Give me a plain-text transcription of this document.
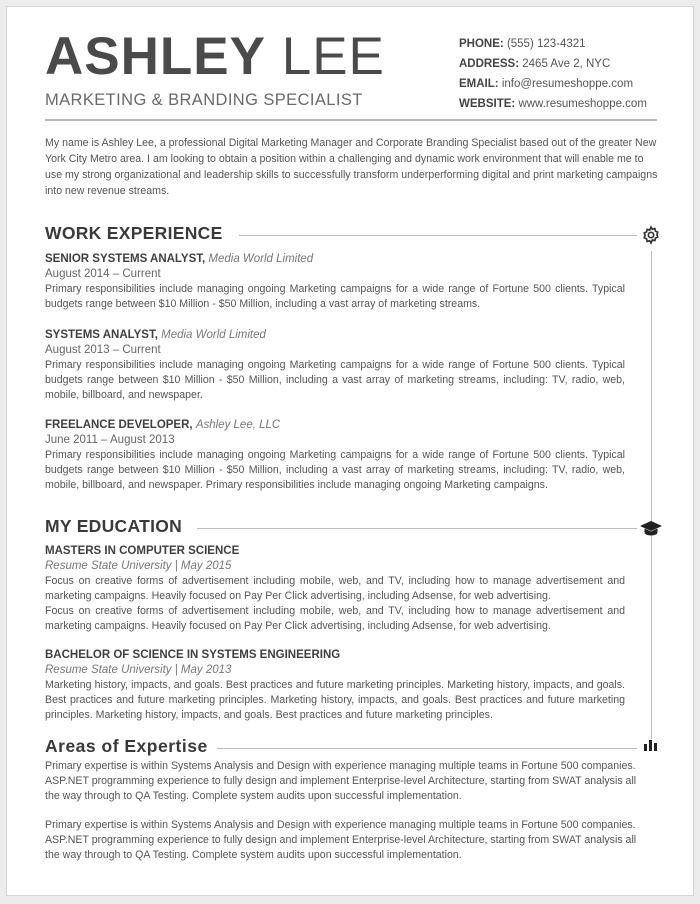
ASHLEY LEE
MARKETING & BRANDING SPECIALIST
PHONE: (555) 123-4321
ADDRESS: 2465 Ave 2, NYC
EMAIL: info@resumeshoppe.com
WEBSITE: www.resumeshoppe.com
My name is Ashley Lee, a professional Digital Marketing Manager and Corporate Branding Specialist based out of the greater New York City Metro area. I am looking to obtain a position within a challenging and dynamic work environment that will enable me to use my strong organizational and leadership skills to successfully transform underperforming digital and print marketing campaigns into new revenue streams.
WORK EXPERIENCE
SENIOR SYSTEMS ANALYST, Media World Limited
August 2014 – Current
Primary responsibilities include managing ongoing Marketing campaigns for a wide range of Fortune 500 clients. Typical budgets range between $10 Million - $50 Million, including a vast array of marketing streams.
SYSTEMS ANALYST, Media World Limited
August 2013 – Current
Primary responsibilities include managing ongoing Marketing campaigns for a wide range of Fortune 500 clients. Typical budgets range between $10 Million - $50 Million, including a vast array of marketing streams, including: TV, radio, web, mobile, billboard, and newspaper.
FREELANCE DEVELOPER, Ashley Lee, LLC
June 2011 – August 2013
Primary responsibilities include managing ongoing Marketing campaigns for a wide range of Fortune 500 clients. Typical budgets range between $10 Million - $50 Million, including a vast array of marketing streams, including: TV, radio, web, mobile, billboard, and newspaper. Primary responsibilities include managing ongoing Marketing campaigns.
MY EDUCATION
MASTERS IN COMPUTER SCIENCE
Resume State University | May 2015

Focus on creative forms of advertisement including mobile, web, and TV, including how to manage advertisement and marketing campaigns. Heavily focused on Pay Per Click advertising, including Adsense, for web advertising.

Focus on creative forms of advertisement including mobile, web, and TV, including how to manage advertisement and marketing campaigns. Heavily focused on Pay Per Click advertising, including Adsense, for web advertising.

BACHELOR OF SCIENCE IN SYSTEMS ENGINEERING
Resume State University | May 2013

Marketing history, impacts, and goals. Best practices and future marketing principles. Marketing history, impacts, and goals. Best practices and future marketing principles. Marketing history, impacts, and goals. Best practices and future marketing principles. Marketing history, impacts, and goals. Best practices and future marketing principles.

Areas of Expertise
Primary expertise is within Systems Analysis and Design with experience managing multiple teams in Fortune 500 companies. ASP.NET programming experience to fully design and implement Enterprise-level Architecture, starting from SWAT analysis all the way through to QA Testing. Complete system audits upon successful implementation.
Primary expertise is within Systems Analysis and Design with experience managing multiple teams in Fortune 500 companies. ASP.NET programming experience to fully design and implement Enterprise-level Architecture, starting from SWAT analysis all the way through to QA Testing. Complete system audits upon successful implementation.
